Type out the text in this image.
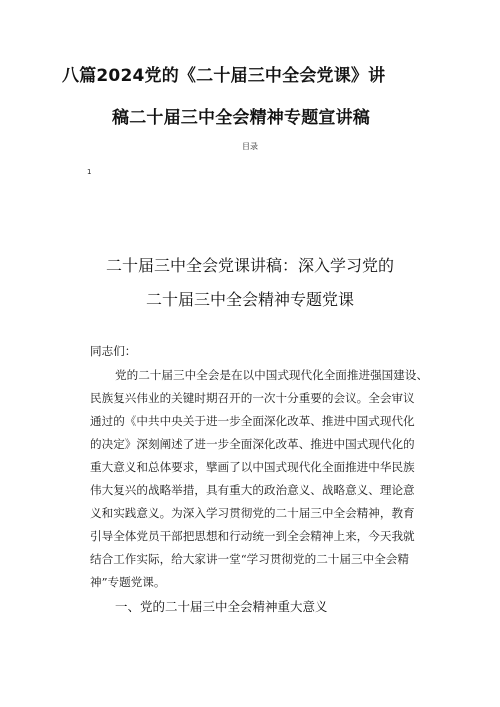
八篇2024党的《二十届三中全会党课》讲
稿二十届三中全会精神专题宣讲稿
目录
1
二十届三中全会党课讲稿：深入学习党的
二十届三中全会精神专题党课
同志们：
党的二十届三中全会是在以中国式现代化全面推进强国建设、
民族复兴伟业的关键时期召开的一次十分重要的会议。全会审议
通过的《中共中央关于进一步全面深化改革、推进中国式现代化
的决定》深刻阐述了进一步全面深化改革、推进中国式现代化的
重大意义和总体要求，擘画了以中国式现代化全面推进中华民族
伟大复兴的战略举措，具有重大的政治意义、战略意义、理论意
义和实践意义。为深入学习贯彻党的二十届三中全会精神，教育
引导全体党员干部把思想和行动统一到全会精神上来，今天我就
结合工作实际，给大家讲一堂“学习贯彻党的二十届三中全会精
神”专题党课。
一、党的二十届三中全会精神重大意义
